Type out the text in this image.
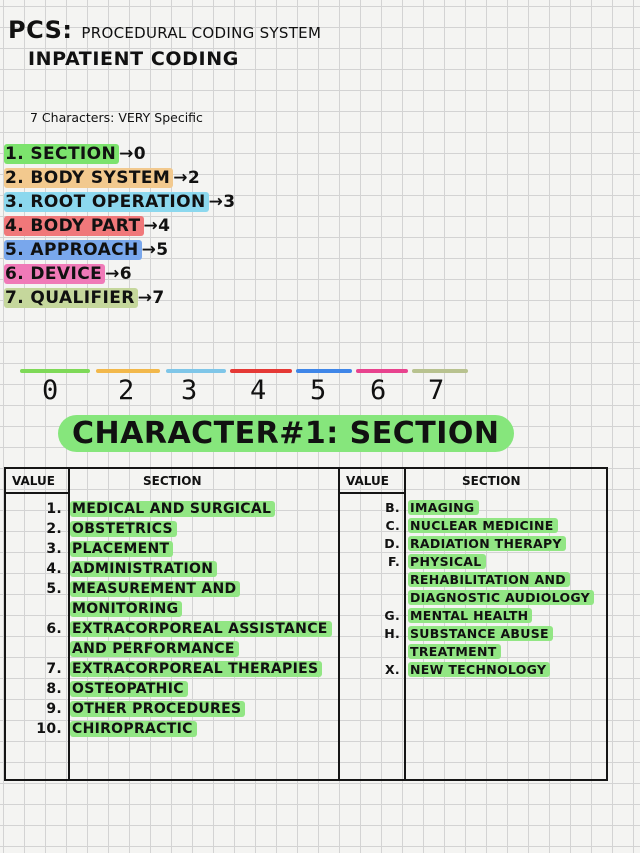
PCS: PROCEDURAL CODING SYSTEM
INPATIENT CODING
7 Characters: VERY Specific
1. SECTION →0
2. BODY SYSTEM →2
3. ROOT OPERATION →3
4. BODY PART →4
5. APPROACH →5
6. DEVICE →6
7. QUALIFIER →7
0 2 3 4 5 6 7
CHARACTER#1: SECTION
VALUE	SECTION	VALUE	SECTION
1. MEDICAL AND SURGICAL
2. OBSTETRICS
3. PLACEMENT
4. ADMINISTRATION
5. MEASUREMENT AND MONITORING
6. EXTRACORPOREAL ASSISTANCE AND PERFORMANCE
7. EXTRACORPOREAL THERAPIES
8. OSTEOPATHIC
9. OTHER PROCEDURES
10. CHIROPRACTIC
B. IMAGING
C. NUCLEAR MEDICINE
D. RADIATION THERAPY
F. PHYSICAL REHABILITATION AND DIAGNOSTIC AUDIOLOGY
G. MENTAL HEALTH
H. SUBSTANCE ABUSE TREATMENT
X. NEW TECHNOLOGY
